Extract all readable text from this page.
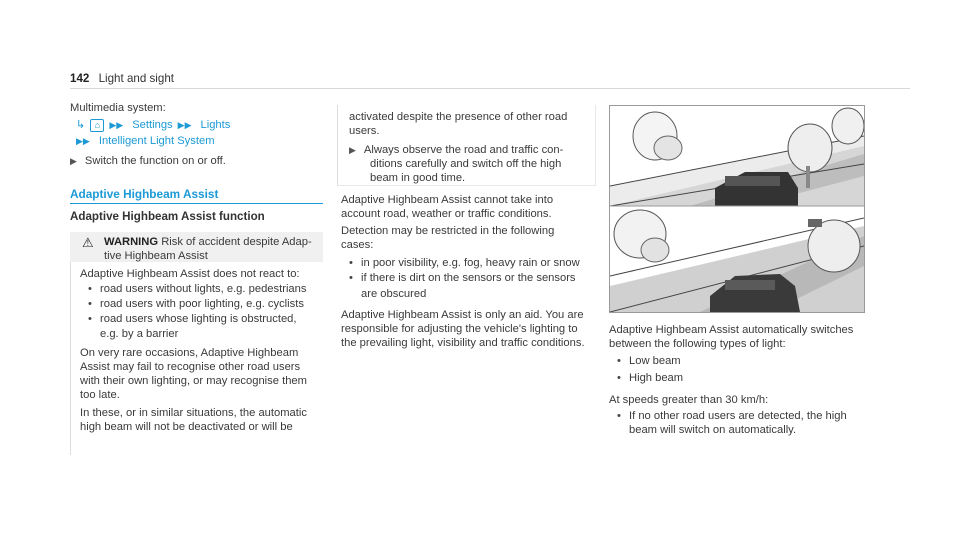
142 Light and sight
Multimedia system:
↳	⌂	▶▶ Settings ▶▶ Lights
▶▶ Intelligent Light System
▶ Switch the function on or off.
Adaptive Highbeam Assist
Adaptive Highbeam Assist function
⚠ WARNING Risk of accident despite Adap-
tive Highbeam Assist
Adaptive Highbeam Assist does not react to:
• road users without lights, e.g. pedestrians
• road users with poor lighting, e.g. cyclists
• road users whose lighting is obstructed,
e.g. by a barrier
On very rare occasions, Adaptive Highbeam
Assist may fail to recognise other road users
with their own lighting, or may recognise them
too late.
In these, or in similar situations, the automatic
high beam will not be deactivated or will be
activated despite the presence of other road
users.
▶ Always observe the road and traffic con-
ditions carefully and switch off the high
beam in good time.
Adaptive Highbeam Assist cannot take into
account road, weather or traffic conditions.
Detection may be restricted in the following
cases:
• in poor visibility, e.g. fog, heavy rain or snow
• if there is dirt on the sensors or the sensors
are obscured
Adaptive Highbeam Assist is only an aid. You are
responsible for adjusting the vehicle's lighting to
the prevailing light, visibility and traffic conditions.
Adaptive Highbeam Assist automatically switches
between the following types of light:
• Low beam
• High beam
At speeds greater than 30 km/h:
• If no other road users are detected, the high
beam will switch on automatically.
